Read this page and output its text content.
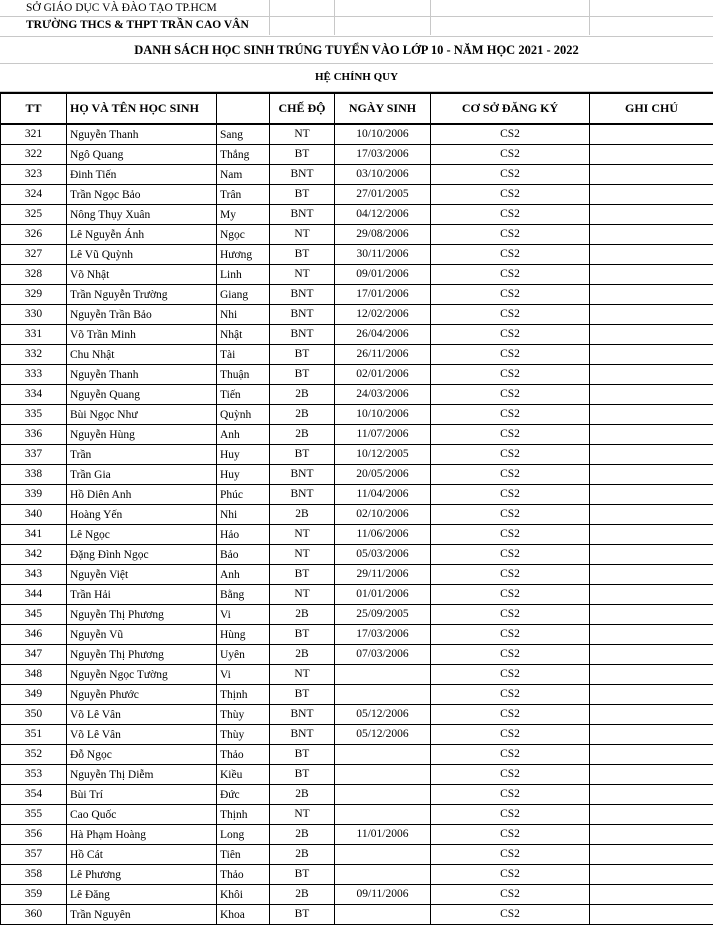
SỞ GIÁO DỤC VÀ ĐÀO TẠO TP.HCM
TRƯỜNG THCS & THPT TRẦN CAO VÂN
DANH SÁCH HỌC SINH TRÚNG TUYỂN VÀO LỚP 10 - NĂM HỌC 2021 - 2022
HỆ CHÍNH QUY
TT	HỌ VÀ TÊN HỌC SINH		CHẾ ĐỘ	NGÀY SINH	CƠ SỞ ĐĂNG KÝ	GHI CHÚ
321	Nguyễn Thanh	Sang	NT	10/10/2006	CS2	
322	Ngô Quang	Thắng	BT	17/03/2006	CS2	
323	Đinh Tiến	Nam	BNT	03/10/2006	CS2	
324	Trần Ngọc Bảo	Trân	BT	27/01/2005	CS2	
325	Nông Thụy Xuân	My	BNT	04/12/2006	CS2	
326	Lê Nguyễn Ánh	Ngọc	NT	29/08/2006	CS2	
327	Lê Vũ Quỳnh	Hương	BT	30/11/2006	CS2	
328	Võ Nhật	Linh	NT	09/01/2006	CS2	
329	Trần Nguyễn Trường	Giang	BNT	17/01/2006	CS2	
330	Nguyễn Trần Bảo	Nhi	BNT	12/02/2006	CS2	
331	Võ Trần Minh	Nhật	BNT	26/04/2006	CS2	
332	Chu Nhật	Tài	BT	26/11/2006	CS2	
333	Nguyễn Thanh	Thuận	BT	02/01/2006	CS2	
334	Nguyễn Quang	Tiến	2B	24/03/2006	CS2	
335	Bùi Ngọc Như	Quỳnh	2B	10/10/2006	CS2	
336	Nguyễn Hùng	Anh	2B	11/07/2006	CS2	
337	Trần	Huy	BT	10/12/2005	CS2	
338	Trần Gia	Huy	BNT	20/05/2006	CS2	
339	Hồ Diên Anh	Phúc	BNT	11/04/2006	CS2	
340	Hoàng Yến	Nhi	2B	02/10/2006	CS2	
341	Lê Ngọc	Hảo	NT	11/06/2006	CS2	
342	Đặng Đình Ngọc	Bảo	NT	05/03/2006	CS2	
343	Nguyễn Việt	Anh	BT	29/11/2006	CS2	
344	Trần Hải	Bằng	NT	01/01/2006	CS2	
345	Nguyễn Thị Phương	Vi	2B	25/09/2005	CS2	
346	Nguyễn Vũ	Hùng	BT	17/03/2006	CS2	
347	Nguyễn Thị Phương	Uyên	2B	07/03/2006	CS2	
348	Nguyễn Ngọc Tường	Vi	NT		CS2	
349	Nguyễn Phước	Thịnh	BT		CS2	
350	Võ Lê Vân	Thùy	BNT	05/12/2006	CS2	
351	Võ Lê Vân	Thùy	BNT	05/12/2006	CS2	
352	Đỗ Ngọc	Thảo	BT		CS2	
353	Nguyễn Thị Diễm	Kiều	BT		CS2	
354	Bùi Trí	Đức	2B		CS2	
355	Cao Quốc	Thịnh	NT		CS2	
356	Hà Phạm Hoàng	Long	2B	11/01/2006	CS2	
357	Hồ Cát	Tiên	2B		CS2	
358	Lê Phương	Thảo	BT		CS2	
359	Lê Đăng	Khôi	2B	09/11/2006	CS2	
360	Trần Nguyên	Khoa	BT		CS2	
